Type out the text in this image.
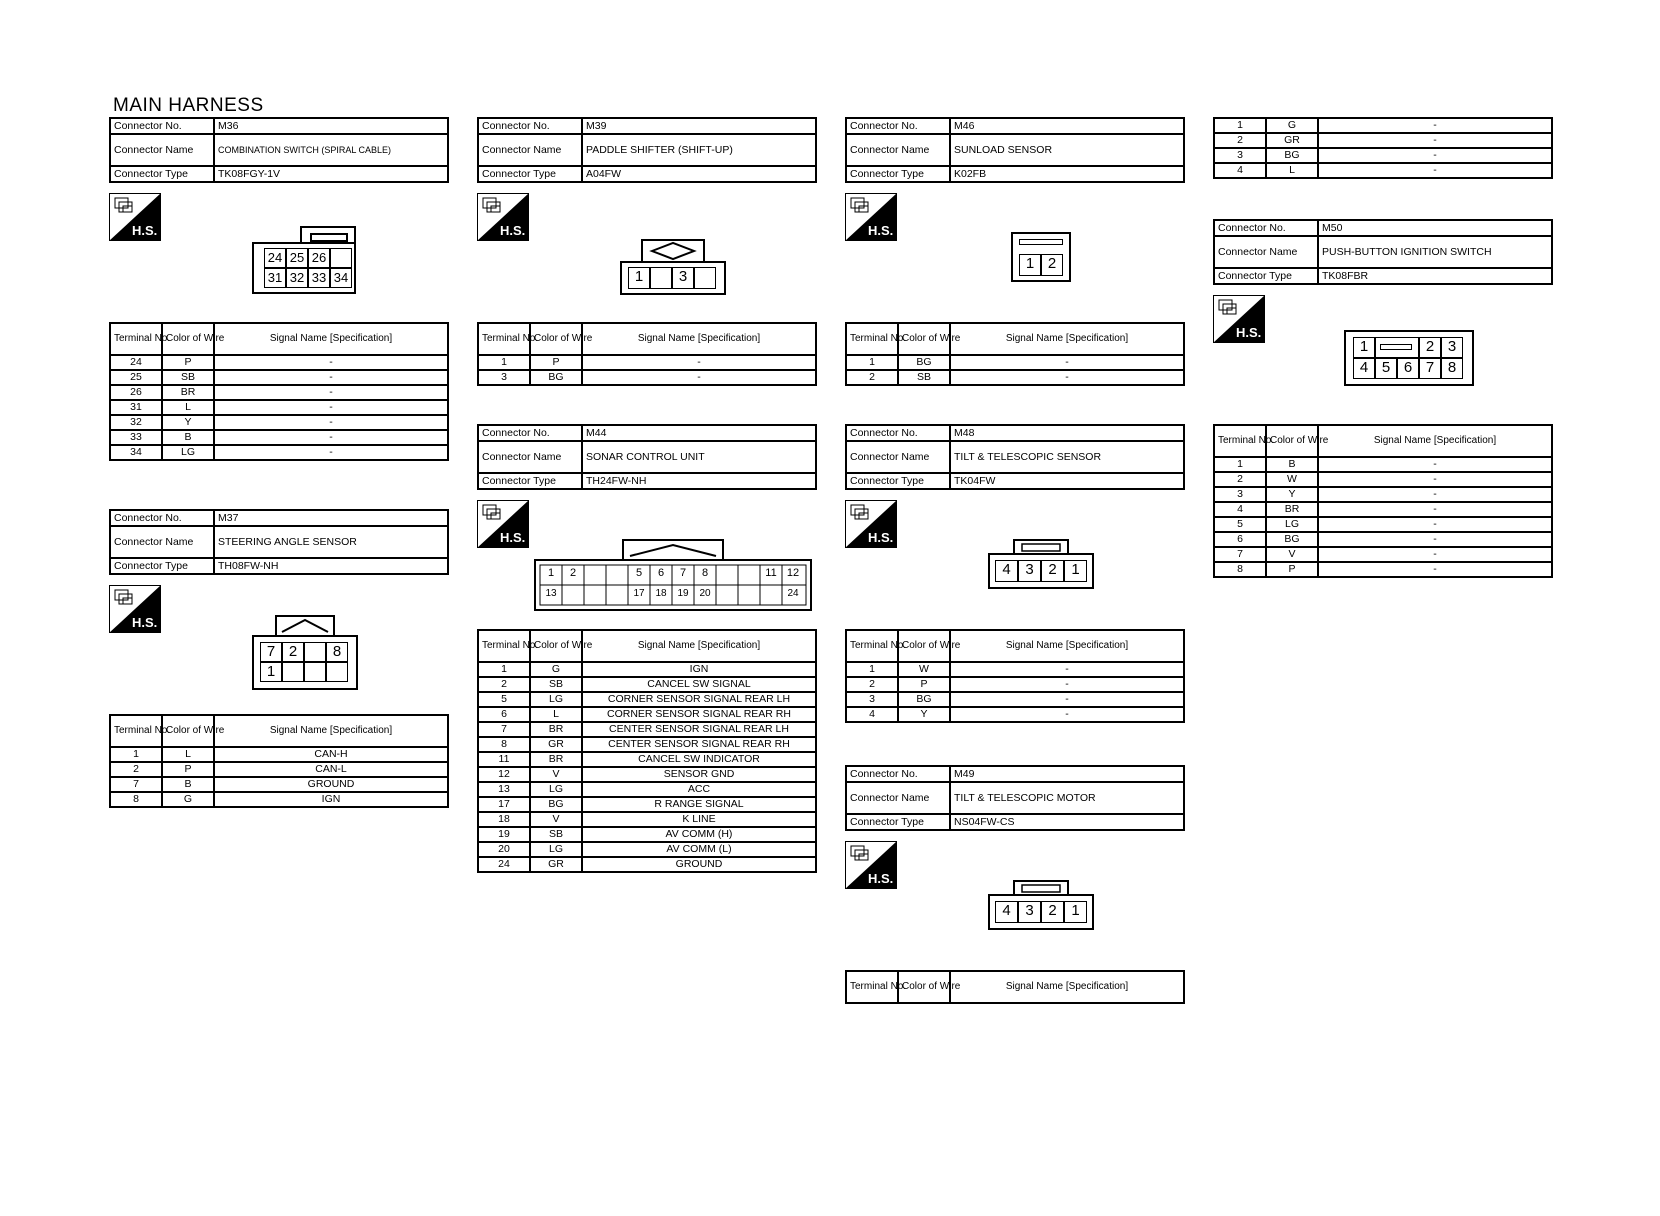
MAIN HARNESS
Connector No.	M36
Connector Name	COMBINATION SWITCH (SPIRAL CABLE)
Connector Type	TK08FGY-1V
H.S.
24 25 26
31 32 33 34
Terminal No.	Color of Wire	Signal Name [Specification]
24	P	-
25	SB	-
26	BR	-
31	L	-
32	Y	-
33	B	-
34	LG	-
Connector No.	M37
Connector Name	STEERING ANGLE SENSOR
Connector Type	TH08FW-NH
H.S.
7 2	8
1
Terminal No.	Color of Wire	Signal Name [Specification]
1	L	CAN-H
2	P	CAN-L
7	B	GROUND
8	G	IGN
Connector No.	M39
Connector Name	PADDLE SHIFTER (SHIFT-UP)
Connector Type	A04FW
H.S.
1	3
Terminal No.	Color of Wire	Signal Name [Specification]
1	P	-
3	BG	-
Connector No.	M44
Connector Name	SONAR CONTROL UNIT
Connector Type	TH24FW-NH
H.S.
1	2	5	6	7	8	11 12
13	17	18	19	20	24
Terminal No.	Color of Wire	Signal Name [Specification]
1	G	IGN
2	SB	CANCEL SW SIGNAL
5	LG	CORNER SENSOR SIGNAL REAR LH
6	L	CORNER SENSOR SIGNAL REAR RH
7	BR	CENTER SENSOR SIGNAL REAR LH
8	GR	CENTER SENSOR SIGNAL REAR RH
11	BR	CANCEL SW INDICATOR
12	V	SENSOR GND
13	LG	ACC
17	BG	R RANGE SIGNAL
18	V	K LINE
19	SB	AV COMM (H)
20	LG	AV COMM (L)
24	GR	GROUND
Connector No.	M46
Connector Name	SUNLOAD SENSOR
Connector Type	K02FB
H.S.
1 2
Terminal No.	Color of Wire	Signal Name [Specification]
1	BG	-
2	SB	-
Connector No.	M48
Connector Name	TILT & TELESCOPIC SENSOR
Connector Type	TK04FW
H.S.
4 3 2 1
Terminal No.	Color of Wire	Signal Name [Specification]
1	W	-
2	P	-
3	BG	-
4	Y	-
Connector No.	M49
Connector Name	TILT & TELESCOPIC MOTOR
Connector Type	NS04FW-CS
H.S.
4 3 2 1
Terminal No.	Color of Wire	Signal Name [Specification]
1	G	-
2	GR	-
3	BG	-
4	L	-
Connector No.	M50
Connector Name	PUSH-BUTTON IGNITION SWITCH
Connector Type	TK08FBR
H.S.
1	2 3
4 5 6 7 8
Terminal No.	Color of Wire	Signal Name [Specification]
1	B	-
2	W	-
3	Y	-
4	BR	-
5	LG	-
6	BG	-
7	V	-
8	P	-
